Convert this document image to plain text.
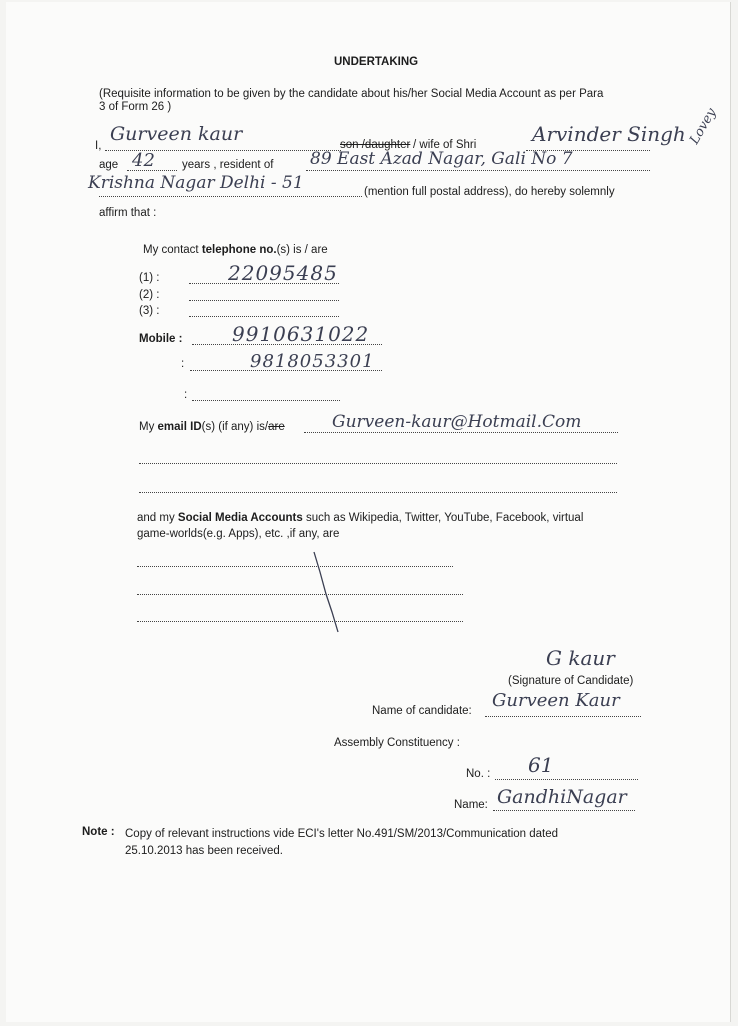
UNDERTAKING
(Requisite information to be given by the candidate about his/her Social Media Account as per Para
3 of Form 26 )
I,
Gurveen kaur	son /daughter / wife of Shri	Arvinder Singh Lovey
age 42 years , resident of 89 East Azad Nagar, Gali No 7
Krishna Nagar Delhi - 51	(mention full postal address), do hereby solemnly
affirm that :
My contact telephone no.(s) is / are
(1) :	22095485
(2) :
(3) :
Mobile : 9910631022
:	9818053301
:
My email ID(s) (if any) is/are	Gurveen-kaur@Hotmail.Com
and my Social Media Accounts such as Wikipedia, Twitter, YouTube, Facebook, virtual
game-worlds(e.g. Apps), etc. ,if any, are
G kaur
(Signature of Candidate)
Name of candidate: Gurveen Kaur
Assembly Constituency :
No. : 61
Name: GandhiNagar
Note : Copy of relevant instructions vide ECI's letter No.491/SM/2013/Communication dated
25.10.2013 has been received.
